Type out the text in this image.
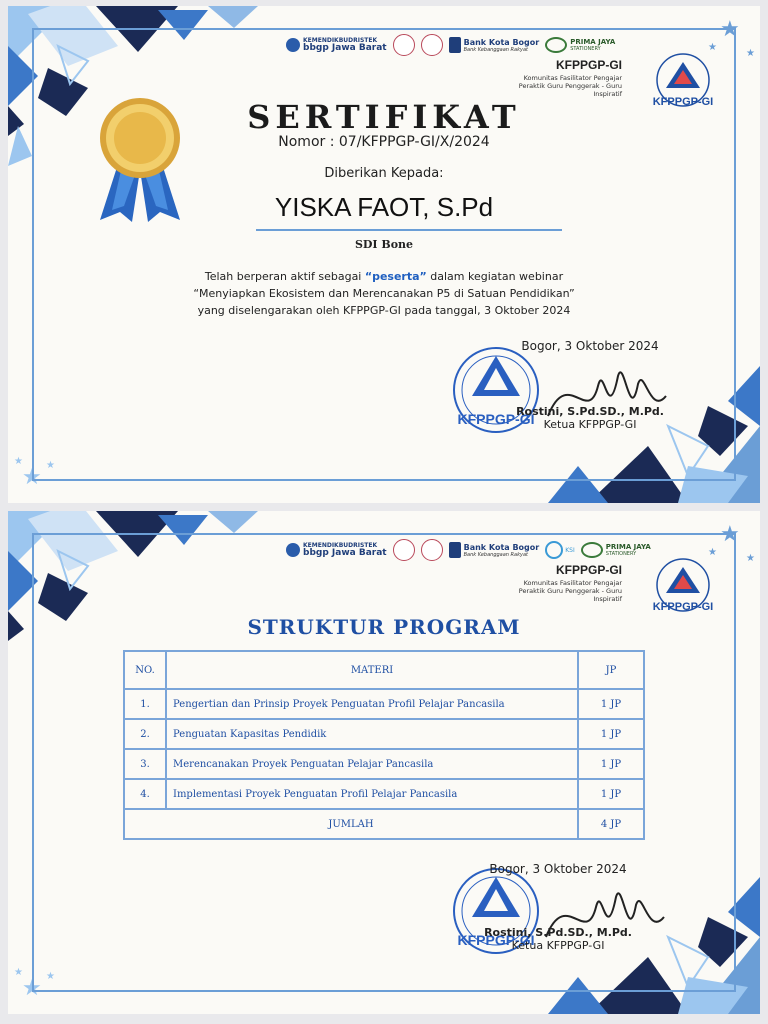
★
★
★
★ ★
★
KEMENDIKBUDRISTEK
bbgp Jawa Barat
Bank Kota Bogor
Bank Kebanggaan Rakyat
PRIMA JAYA
STATIONERY
KFPPGP-GI
Komunitas Fasilitator Pengajar Peraktik Guru Penggerak - Guru Inspiratif
KFPPGP-GI
SERTIFIKAT
Nomor : 07/KFPPGP-GI/X/2024
Diberikan Kepada:
YISKA FAOT, S.Pd
SDI Bone
Telah berperan aktif sebagai “peserta” dalam kegiatan webinar
“Menyiapkan Ekosistem dan Merencanakan P5 di Satuan Pendidikan”
yang diselengarakan oleh KFPPGP-GI pada tanggal, 3 Oktober 2024
KFPPGP-GI
Bogor, 3 Oktober 2024
Rostini, S.Pd.SD., M.Pd.
Ketua KFPPGP-GI
★
★
★
★ ★
★
KEMENDIKBUDRISTEK
bbgp Jawa Barat
Bank Kota Bogor
Bank Kebanggaan Rakyat
KSI	PRIMA JAYA
STATIONERY
KFPPGP-GI
Komunitas Fasilitator Pengajar Peraktik Guru Penggerak - Guru Inspiratif
KFPPGP-GI
STRUKTUR PROGRAM
NO.	MATERI	JP
1.	Pengertian dan Prinsip Proyek Penguatan Profil Pelajar Pancasila	1 JP
2.	Penguatan Kapasitas Pendidik	1 JP
3.	Merencanakan Proyek Penguatan Pelajar Pancasila	1 JP
4.	Implementasi Proyek Penguatan Profil Pelajar Pancasila	1 JP
JUMLAH		4 JP
KFPPGP-GI
Bogor, 3 Oktober 2024
Rostini, S.Pd.SD., M.Pd.
Ketua KFPPGP-GI
